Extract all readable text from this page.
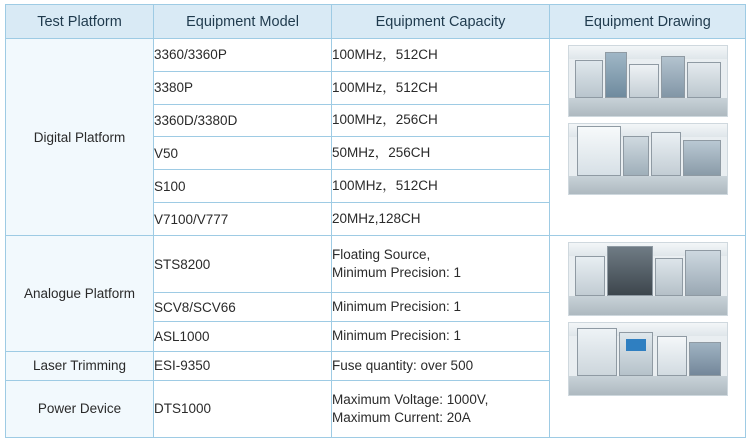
Test Platform	Equipment Model	Equipment Capacity	Equipment Drawing
Digital Platform	3360/3360P	100MHz，512CH	

	3380P	100MHz，512CH	
	3360D/3380D	100MHz，256CH	
	V50	50MHz，256CH	
	S100	100MHz，512CH	
	V7100/V777	20MHz,128CH	
Analogue Platform	STS8200	Floating Source,
Minimum Precision: 1	

	SCV8/SCV66	Minimum Precision: 1	
	ASL1000	Minimum Precision: 1	
Laser Trimming	ESI-9350	Fuse quantity: over 500	
Power Device	DTS1000	Maximum Voltage: 1000V,
Maximum Current: 20A	
